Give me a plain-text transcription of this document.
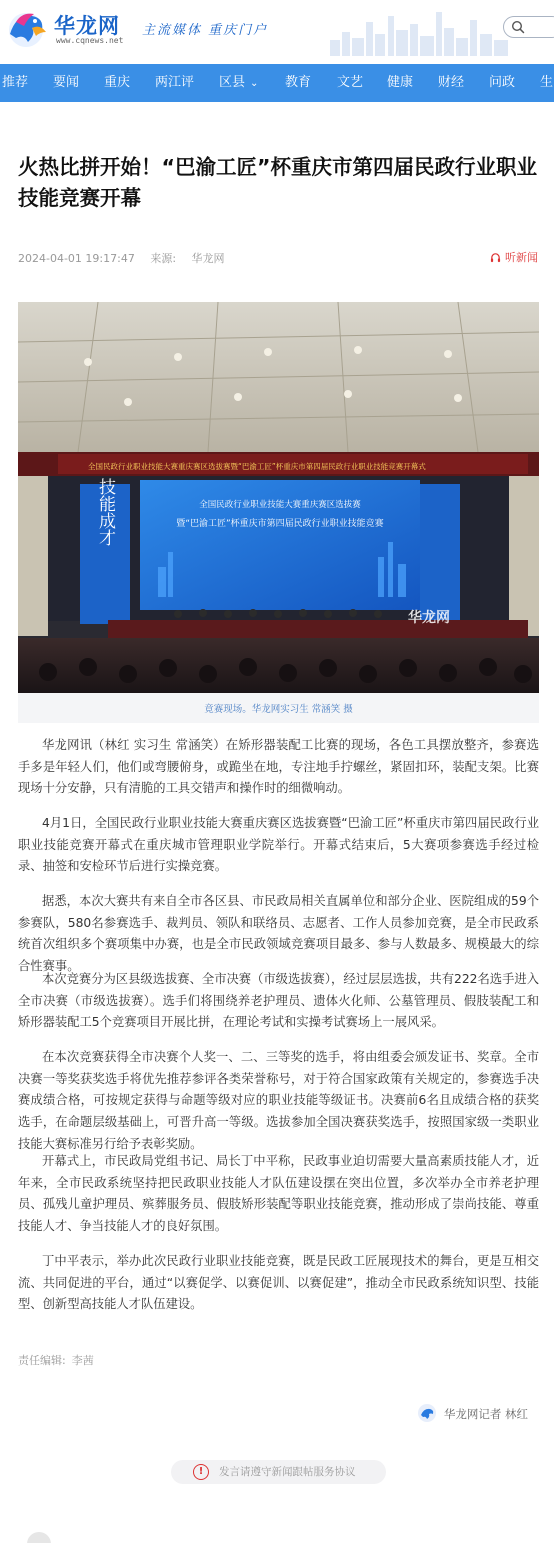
华龙网
www.cqnews.net
主流媒体 重庆门户
推荐 要闻 重庆 两江评 区县 ⌄ 教育 文艺 健康 财经 问政 生
火热比拼开始！“巴渝工匠”杯重庆市第四届民政行业职业技能竞赛开幕
2024-04-01 19:17:47 来源: 华龙网	听新闻
全国民政行业职业技能大赛重庆赛区选拔赛暨“巴渝工匠”杯重庆市第四届民政行业职业技能竞赛开幕式
全国民政行业职业技能大赛重庆赛区选拔赛
暨“巴渝工匠”杯重庆市第四届民政行业职业技能竞赛
技能成才
华龙网
竟赛现场。华龙网实习生 常涵笑 摄

华龙网讯（林红 实习生 常涵笑）在矫形器装配工比赛的现场，各色工具摆放整齐，参赛选手多是年轻人们，他们或弯腰俯身，或跪坐在地，专注地手拧螺丝，紧固扣环，装配支架。比赛现场十分安静，只有清脆的工具交错声和操作时的细微响动。

4月1日，全国民政行业职业技能大赛重庆赛区选拔赛暨“巴渝工匠”杯重庆市第四届民政行业职业技能竞赛开幕式在重庆城市管理职业学院举行。开幕式结束后，5大赛项参赛选手经过检录、抽签和安检环节后进行实操竞赛。

据悉，本次大赛共有来自全市各区县、市民政局相关直属单位和部分企业、医院组成的59个参赛队，580名参赛选手、裁判员、领队和联络员、志愿者、工作人员参加竞赛，是全市民政系统首次组织多个赛项集中办赛，也是全市民政领域竞赛项目最多、参与人数最多、规模最大的综合性赛事。

本次竞赛分为区县级选拔赛、全市决赛（市级选拔赛），经过层层选拔，共有222名选手进入全市决赛（市级选拔赛）。选手们将围绕养老护理员、遗体火化师、公墓管理员、假肢装配工和矫形器装配工5个竞赛项目开展比拼，在理论考试和实操考试赛场上一展风采。

在本次竞赛获得全市决赛个人奖一、二、三等奖的选手，将由组委会颁发证书、奖章。全市决赛一等奖获奖选手将优先推荐参评各类荣誉称号，对于符合国家政策有关规定的，参赛选手决赛成绩合格，可按规定获得与命题等级对应的职业技能等级证书。决赛前6名且成绩合格的获奖选手，在命题层级基础上，可晋升高一等级。选拔参加全国决赛获奖选手，按照国家级一类职业技能大赛标准另行给予表彰奖励。

开幕式上，市民政局党组书记、局长丁中平称，民政事业迫切需要大量高素质技能人才，近年来，全市民政系统坚持把民政职业技能人才队伍建设摆在突出位置，多次举办全市养老护理员、孤残儿童护理员、殡葬服务员、假肢矫形装配等职业技能竞赛，推动形成了崇尚技能、尊重技能人才、争当技能人才的良好氛围。

丁中平表示，举办此次民政行业职业技能竞赛，既是民政工匠展现技术的舞台，更是互相交流、共同促进的平台，通过“以赛促学、以赛促训、以赛促建”，推动全市民政系统知识型、技能型、创新型高技能人才队伍建设。

责任编辑: 李茜
华龙网记者 林红
!	发言请遵守新闻跟帖服务协议
